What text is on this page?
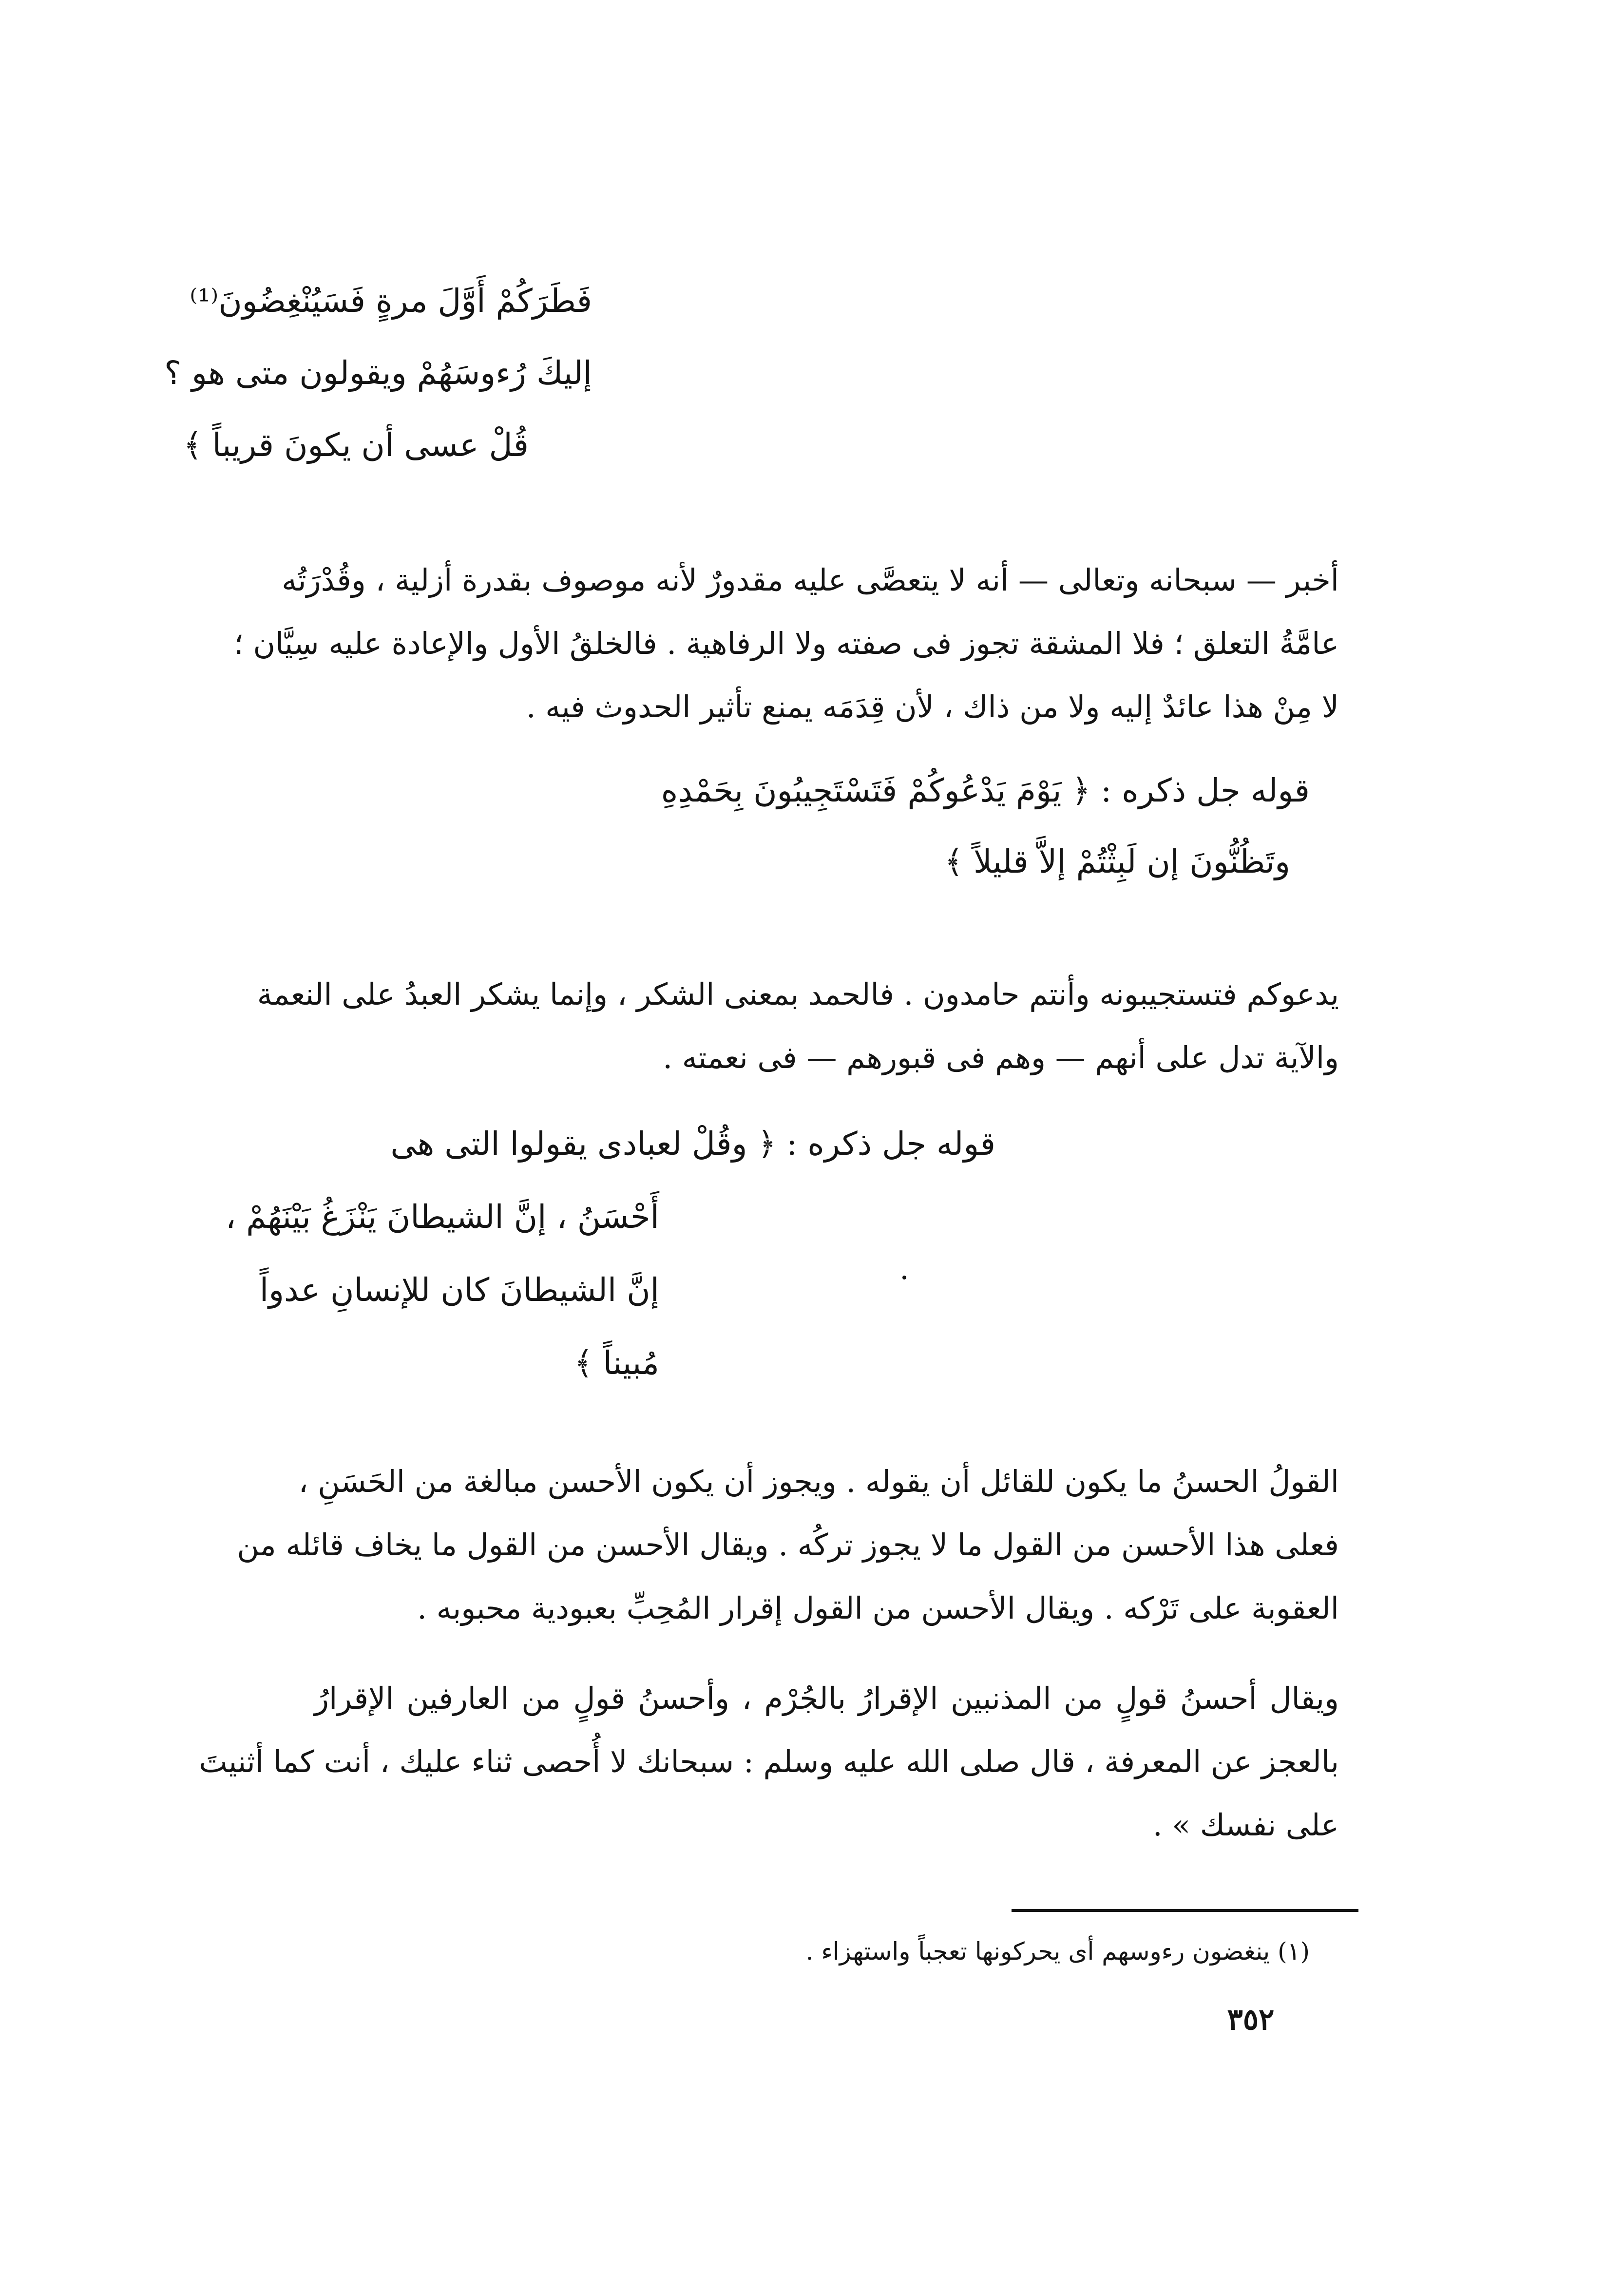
فَطَرَكُمْ أَوَّلَ مرةٍ فَسَيُنْغِضُونَ⁽¹⁾
إليكَ رُءوسَهُمْ ويقولون متى هو ؟
قُلْ عسى أن يكونَ قريباً ﴾
أخبر — سبحانه وتعالى — أنه لا يتعصَّى عليه مقدورٌ لأنه موصوف بقدرة أزلية ، وقُدْرَتُه
عامَّةُ التعلق ؛ فلا المشقة تجوز فى صفته ولا الرفاهية . فالخلقُ الأول والإعادة عليه سِيَّان ؛
لا مِنْ هذا عائدٌ إليه ولا من ذاك ، لأن قِدَمَه يمنع تأثير الحدوث فيه .
قوله جل ذكره : ﴿ يَوْمَ يَدْعُوكُمْ فَتَسْتَجِيبُونَ بِحَمْدِهِ
وتَظُنُّونَ إن لَبِثْتُمْ إلاَّ قليلاً ﴾
يدعوكم فتستجيبونه وأنتم حامدون . فالحمد بمعنى الشكر ، وإنما يشكر العبدُ على النعمة
والآية تدل على أنهم — وهم فى قبورهم — فى نعمته .
قوله جل ذكره : ﴿ وقُلْ لعبادى يقولوا التى هى
أَحْسَنُ ، إنَّ الشيطانَ يَنْزَغُ بَيْنَهُمْ ،
إنَّ الشيطانَ كان للإنسانِ عدواً
مُبيناً ﴾
القولُ الحسنُ ما يكون للقائل أن يقوله . ويجوز أن يكون الأحسن مبالغة من الحَسَنِ ،
فعلى هذا الأحسن من القول ما لا يجوز تركُه . ويقال الأحسن من القول ما يخاف قائله من
العقوبة على تَرْكه . ويقال الأحسن من القول إقرار المُحِبِّ بعبودية محبوبه .
ويقال أحسنُ قولٍ من المذنبين الإقرارُ بالجُرْم ، وأحسنُ قولٍ من العارفين الإقرارُ
بالعجز عن المعرفة ، قال صلى الله عليه وسلم : سبحانك لا أُحصى ثناء عليك ، أنت كما أثنيتَ
على نفسك » .
(١) ينغضون رءوسهم أى يحركونها تعجباً واستهزاء .
٣٥٢
